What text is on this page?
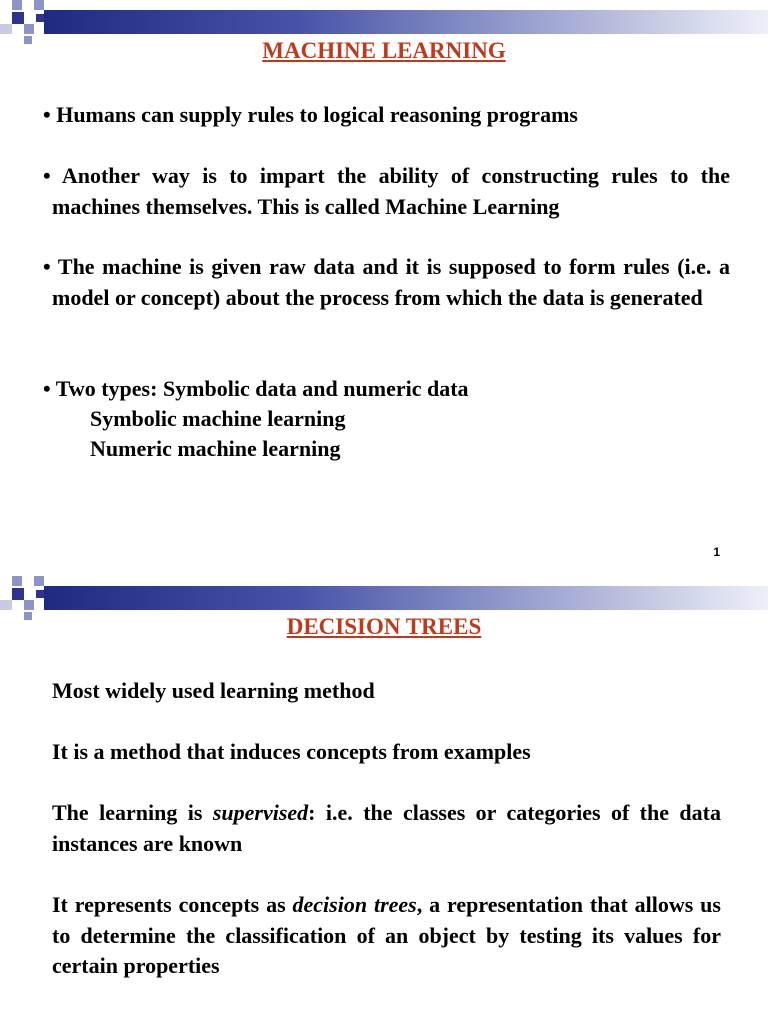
MACHINE LEARNING
• Humans can supply rules to logical reasoning programs
• Another way is to impart the ability of constructing rules to the machines themselves. This is called Machine Learning
• The machine is given raw data and it is supposed to form rules (i.e. a model or concept) about the process from which the data is generated
• Two types: Symbolic data and numeric data
Symbolic machine learning
Numeric machine learning
1
DECISION TREES
Most widely used learning method
It is a method that induces concepts from examples
The learning is supervised: i.e. the classes or categories of the data instances are known
It represents concepts as decision trees, a representation that allows us to determine the classification of an object by testing its values for certain properties
